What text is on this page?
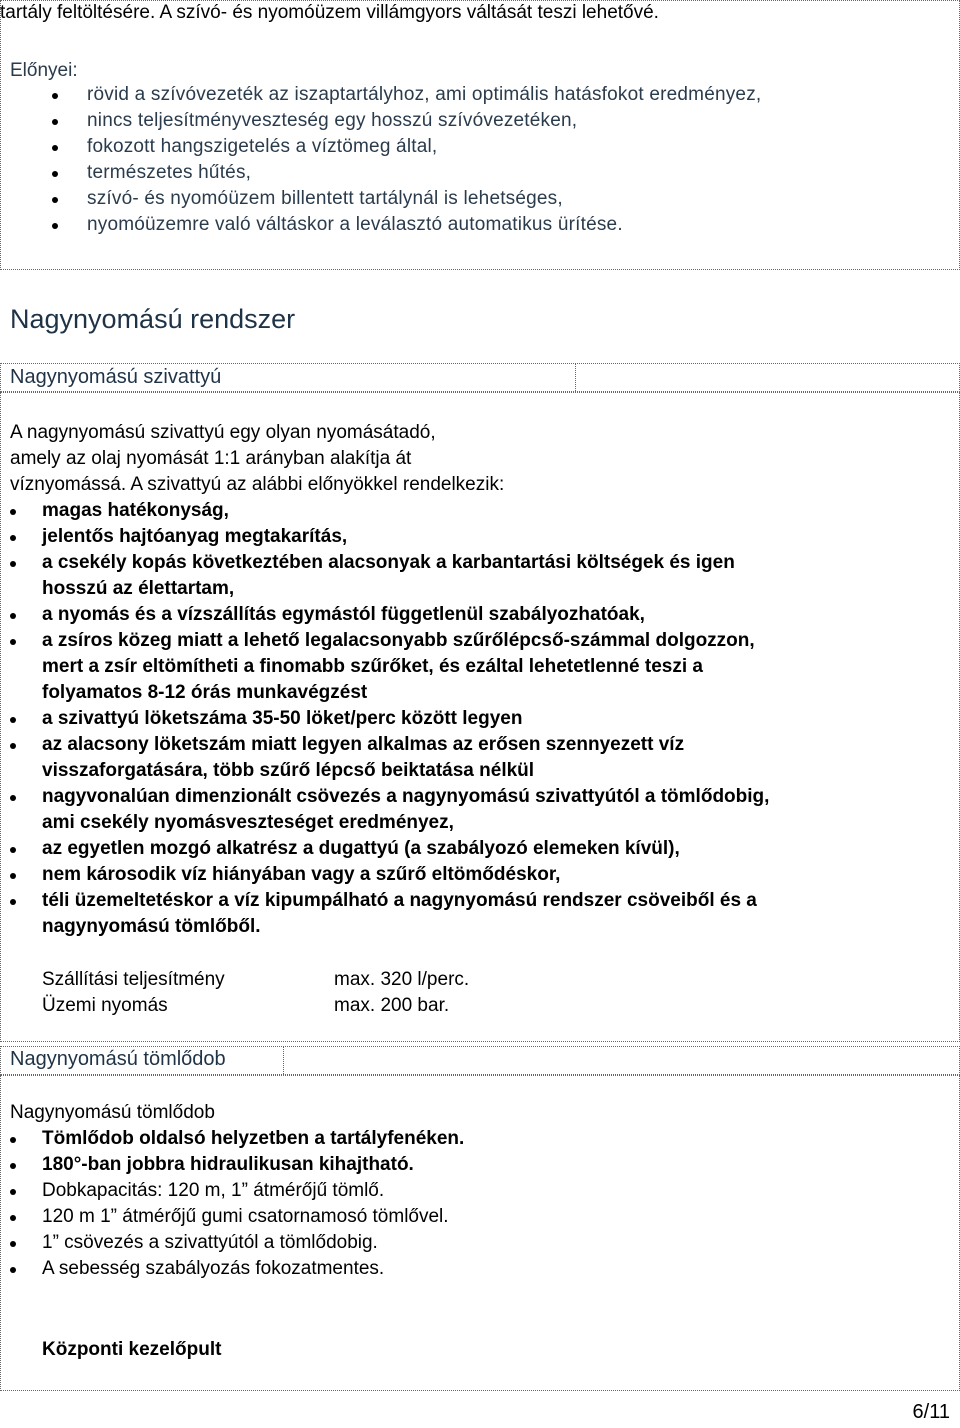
tartály feltöltésére. A szívó- és nyomóüzem villámgyors váltását teszi lehetővé.
Előnyei:
rövid a szívóvezeték az iszaptartályhoz, ami optimális hatásfokot eredményez,
nincs teljesítményveszteség egy hosszú szívóvezetéken,
fokozott hangszigetelés a víztömeg által,
természetes hűtés,
szívó- és nyomóüzem billentett tartálynál is lehetséges,
nyomóüzemre való váltáskor a leválasztó automatikus ürítése.
Nagynyomású rendszer
Nagynyomású szivattyú
A nagynyomású szivattyú egy olyan nyomásátadó,
amely az olaj nyomását 1:1 arányban alakítja át
víznyomássá. A szivattyú az alábbi előnyökkel rendelkezik:
magas hatékonyság,
jelentős hajtóanyag megtakarítás,
a csekély kopás következtében alacsonyak a karbantartási költségek és igen
hosszú az élettartam,
a nyomás és a vízszállítás egymástól függetlenül szabályozhatóak,
a zsíros közeg miatt a lehető legalacsonyabb szűrőlépcső-számmal dolgozzon,
mert a zsír eltömítheti a finomabb szűrőket, és ezáltal lehetetlenné teszi a
folyamatos 8-12 órás munkavégzést
a szivattyú löketszáma 35-50 löket/perc között legyen
az alacsony löketszám miatt legyen alkalmas az erősen szennyezett víz
visszaforgatására, több szűrő lépcső beiktatása nélkül
nagyvonalúan dimenzionált csövezés a nagynyomású szivattyútól a tömlődobig,
ami csekély nyomásveszteséget eredményez,
az egyetlen mozgó alkatrész a dugattyú (a szabályozó elemeken kívül),
nem károsodik víz hiányában vagy a szűrő eltömődéskor,
téli üzemeltetéskor a víz kipumpálható a nagynyomású rendszer csöveiből és a
nagynyomású tömlőből.
Szállítási teljesítmény	max. 320 l/perc.
Üzemi nyomás	max. 200 bar.
Nagynyomású tömlődob
Nagynyomású tömlődob
Tömlődob oldalsó helyzetben a tartályfenéken.
180°-ban jobbra hidraulikusan kihajtható.
Dobkapacitás: 120 m, 1” átmérőjű tömlő.
120 m 1” átmérőjű gumi csatornamosó tömlővel.
1” csövezés a szivattyútól a tömlődobig.
A sebesség szabályozás fokozatmentes.
Központi kezelőpult
6/11
